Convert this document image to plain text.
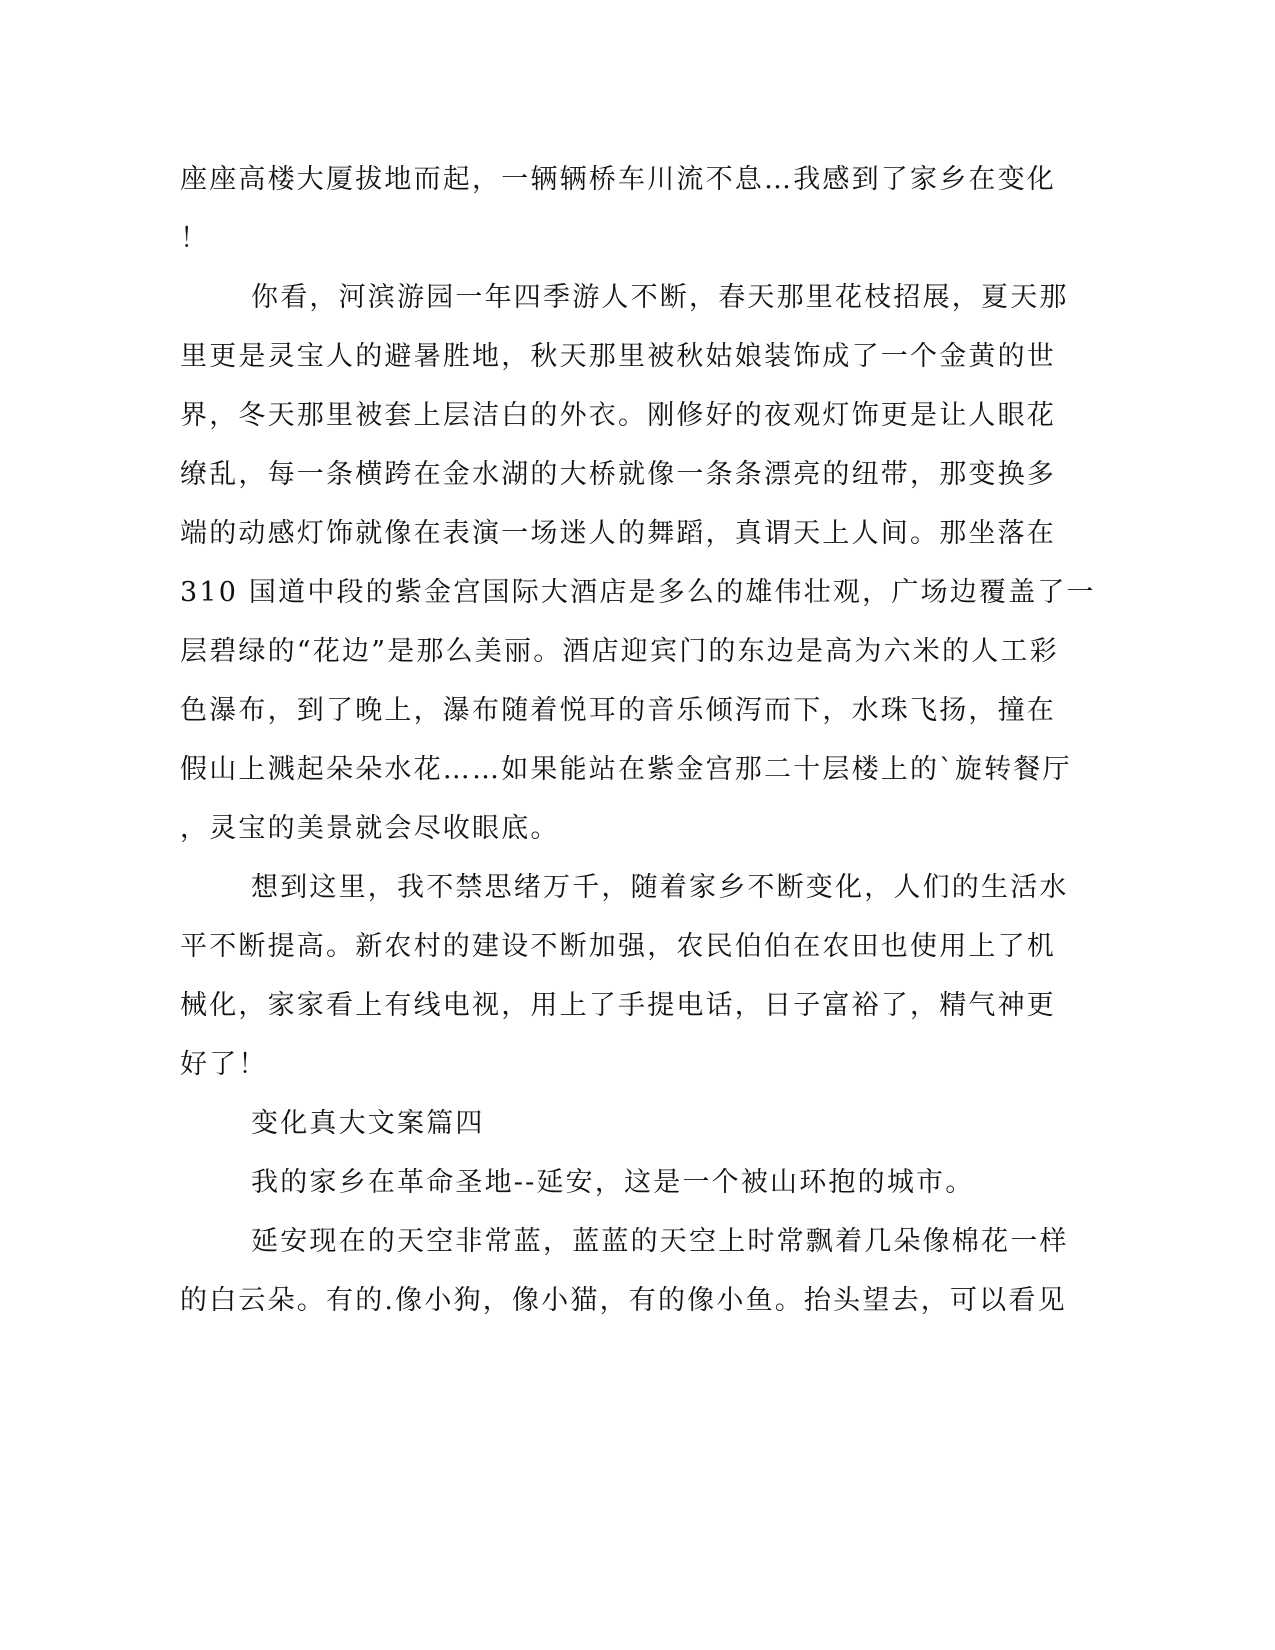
座座高楼大厦拔地而起，一辆辆桥车川流不息…我感到了家乡在变化
！
你看，河滨游园一年四季游人不断，春天那里花枝招展，夏天那
里更是灵宝人的避暑胜地，秋天那里被秋姑娘装饰成了一个金黄的世
界，冬天那里被套上层洁白的外衣。刚修好的夜观灯饰更是让人眼花
缭乱，每一条横跨在金水湖的大桥就像一条条漂亮的纽带，那变换多
端的动感灯饰就像在表演一场迷人的舞蹈，真谓天上人间。那坐落在
310 国道中段的紫金宫国际大酒店是多么的雄伟壮观，广场边覆盖了一
层碧绿的“花边”是那么美丽。酒店迎宾门的东边是高为六米的人工彩
色瀑布，到了晚上，瀑布随着悦耳的音乐倾泻而下，水珠飞扬，撞在
假山上溅起朵朵水花……如果能站在紫金宫那二十层楼上的`旋转餐厅
，灵宝的美景就会尽收眼底。
想到这里，我不禁思绪万千，随着家乡不断变化，人们的生活水
平不断提高。新农村的建设不断加强，农民伯伯在农田也使用上了机
械化，家家看上有线电视，用上了手提电话，日子富裕了，精气神更
好了！
变化真大文案篇四
我的家乡在革命圣地--延安，这是一个被山环抱的城市。
延安现在的天空非常蓝，蓝蓝的天空上时常飘着几朵像棉花一样
的白云朵。有的.像小狗，像小猫，有的像小鱼。抬头望去，可以看见
